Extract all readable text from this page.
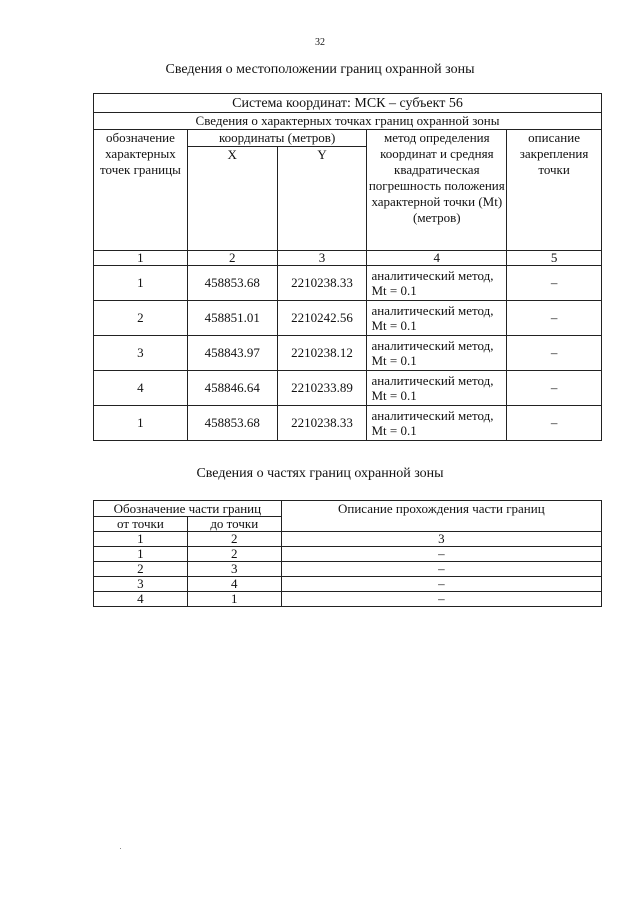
32
Сведения о местоположении границ охранной зоны
Система координат: МСК – субъект 56				
Сведения о характерных точках границ охранной зоны				
обозначение характерных точек границы	координаты (метров)		метод определения координат и средняя квадратическая погрешность положения характерной точки (Mt) (метров)	описание закрепления точки
	X	Y		
1	2	3	4	5
1	458853.68	2210238.33	аналитический метод, Mt = 0.1	–
2	458851.01	2210242.56	аналитический метод, Mt = 0.1	–
3	458843.97	2210238.12	аналитический метод, Mt = 0.1	–
4	458846.64	2210233.89	аналитический метод, Mt = 0.1	–
1	458853.68	2210238.33	аналитический метод, Mt = 0.1	–
Сведения о частях границ охранной зоны
Обозначение части границ		Описание прохождения части границ
от точки	до точки	
1	2	3
1	2	–
2	3	–
3	4	–
4	1	–
